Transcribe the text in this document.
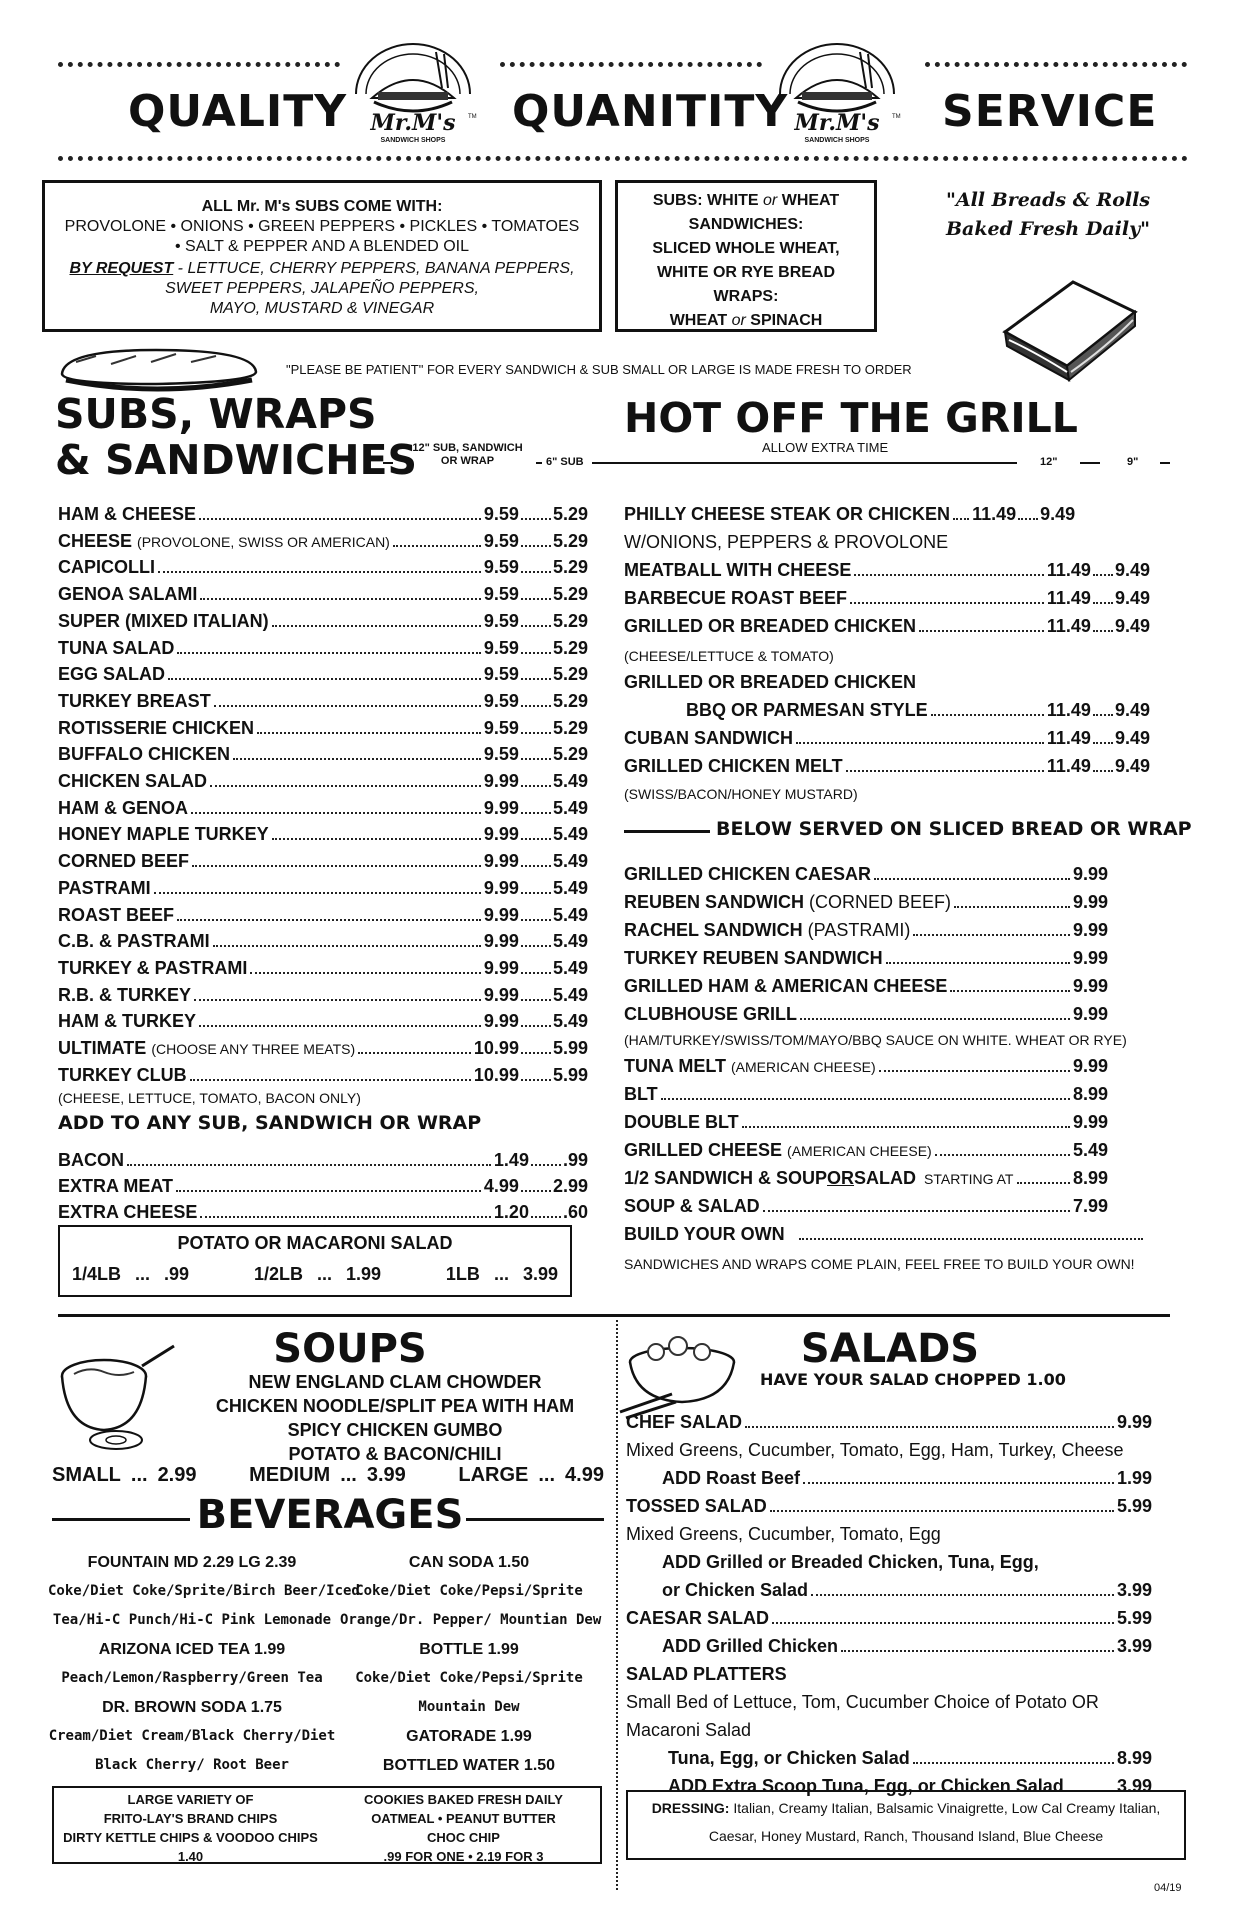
QUALITY	QUANITITY	SERVICE
Mr.M's TM
SANDWICH SHOPS
Mr.M's TM
SANDWICH SHOPS
ALL Mr. M's SUBS COME WITH:
PROVOLONE • ONIONS • GREEN PEPPERS • PICKLES • TOMATOES
• SALT & PEPPER AND A BLENDED OIL
BY REQUEST - LETTUCE, CHERRY PEPPERS, BANANA PEPPERS,
SWEET PEPPERS, JALAPEÑO PEPPERS,
MAYO, MUSTARD & VINEGAR
SUBS: WHITE or WHEAT
SANDWICHES:
SLICED WHOLE WHEAT,
WHITE OR RYE BREAD
WRAPS:
WHEAT or SPINACH
"All Breads & Rolls
Baked Fresh Daily"
"PLEASE BE PATIENT" FOR EVERY SANDWICH & SUB SMALL OR LARGE IS MADE FRESH TO ORDER
SUBS, WRAPS
& SANDWICHES
12" SUB, SANDWICH
OR WRAP	6" SUB
HOT OFF THE GRILL
ALLOW EXTRA TIME
12"	9"
HAM & CHEESE	9.59 5.29
CHEESE (PROVOLONE, SWISS OR AMERICAN)	9.59 5.29
CAPICOLLI	9.59 5.29
GENOA SALAMI	9.59 5.29
SUPER (MIXED ITALIAN)	9.59 5.29
TUNA SALAD	9.59 5.29
EGG SALAD	9.59 5.29
TURKEY BREAST	9.59 5.29
ROTISSERIE CHICKEN	9.59 5.29
BUFFALO CHICKEN	9.59 5.29
CHICKEN SALAD	9.99 5.49
HAM & GENOA	9.99 5.49
HONEY MAPLE TURKEY	9.99 5.49
CORNED BEEF	9.99 5.49
PASTRAMI	9.99 5.49
ROAST BEEF	9.99 5.49
C.B. & PASTRAMI	9.99 5.49
TURKEY & PASTRAMI	9.99 5.49
R.B. & TURKEY	9.99 5.49
HAM & TURKEY	9.99 5.49
ULTIMATE (CHOOSE ANY THREE MEATS)	10.99 5.99
TURKEY CLUB	10.99 5.99
(CHEESE, LETTUCE, TOMATO, BACON ONLY)
ADD TO ANY SUB, SANDWICH OR WRAP
BACON	1.49 .99
EXTRA MEAT	4.99 2.99
EXTRA CHEESE	1.20 .60
POTATO OR MACARONI SALAD
1/4LB ... .99	1/2LB ... 1.99	1LB ... 3.99
PHILLY CHEESE STEAK OR CHICKEN 11.49 9.49
W/ONIONS, PEPPERS & PROVOLONE
MEATBALL WITH CHEESE	11.49 9.49
BARBECUE ROAST BEEF	11.49 9.49
GRILLED OR BREADED CHICKEN	11.49 9.49
BBQ OR PARMESAN STYLE	11.49 9.49
CUBAN SANDWICH	11.49 9.49
GRILLED CHICKEN MELT	11.49 9.49
(CHEESE/LETTUCE & TOMATO)
GRILLED OR BREADED CHICKEN
(SWISS/BACON/HONEY MUSTARD)
BELOW SERVED ON SLICED BREAD OR WRAP
GRILLED CHICKEN CAESAR	9.99
REUBEN SANDWICH (CORNED BEEF)	9.99
RACHEL SANDWICH (PASTRAMI)	9.99
TURKEY REUBEN SANDWICH	9.99
GRILLED HAM & AMERICAN CHEESE	9.99
CLUBHOUSE GRILL	9.99
TUNA MELT (AMERICAN CHEESE)	9.99
BLT	8.99
DOUBLE BLT	9.99
GRILLED CHEESE (AMERICAN CHEESE)	5.49
SOUP & SALAD	7.99
(HAM/TURKEY/SWISS/TOM/MAYO/BBQ SAUCE ON WHITE. WHEAT OR RYE)
1/2 SANDWICH & SOUP OR SALAD STARTING AT	8.99
BUILD YOUR OWN
SANDWICHES AND WRAPS COME PLAIN, FEEL FREE TO BUILD YOUR OWN!
SOUPS
NEW ENGLAND CLAM CHOWDER
CHICKEN NOODLE/SPLIT PEA WITH HAM
SPICY CHICKEN GUMBO
POTATO & BACON/CHILI
SMALL ... 2.99	MEDIUM ... 3.99	LARGE ... 4.99
BEVERAGES
FOUNTAIN MD 2.29 LG 2.39
Coke/Diet Coke/Sprite/Birch Beer/Iced
Tea/Hi-C Punch/Hi-C Pink Lemonade
ARIZONA ICED TEA 1.99
Peach/Lemon/Raspberry/Green Tea
DR. BROWN SODA 1.75
Cream/Diet Cream/Black Cherry/Diet
Black Cherry/ Root Beer
CAN SODA 1.50
Coke/Diet Coke/Pepsi/Sprite
Orange/Dr. Pepper/ Mountian Dew
BOTTLE 1.99
Coke/Diet Coke/Pepsi/Sprite
Mountain Dew
GATORADE 1.99
BOTTLED WATER 1.50
LARGE VARIETY OF
FRITO-LAY'S BRAND CHIPS
DIRTY KETTLE CHIPS & VOODOO CHIPS
1.40
COOKIES BAKED FRESH DAILY
OATMEAL • PEANUT BUTTER
CHOC CHIP
.99 FOR ONE • 2.19 FOR 3
SALADS
HAVE YOUR SALAD CHOPPED 1.00
CHEF SALAD	9.99
Mixed Greens, Cucumber, Tomato, Egg, Ham, Turkey, Cheese
ADD Roast Beef	1.99
TOSSED SALAD	5.99
Mixed Greens, Cucumber, Tomato, Egg
ADD Grilled or Breaded Chicken, Tuna, Egg,
or Chicken Salad	3.99
CAESAR SALAD	5.99
ADD Grilled Chicken	3.99
SALAD PLATTERS
Small Bed of Lettuce, Tom, Cucumber Choice of Potato OR
Macaroni Salad
Tuna, Egg, or Chicken Salad	8.99
ADD Extra Scoop Tuna, Egg, or Chicken Salad	3.99
DRESSING: Italian, Creamy Italian, Balsamic Vinaigrette, Low Cal Creamy Italian,
Caesar, Honey Mustard, Ranch, Thousand Island, Blue Cheese
04/19
